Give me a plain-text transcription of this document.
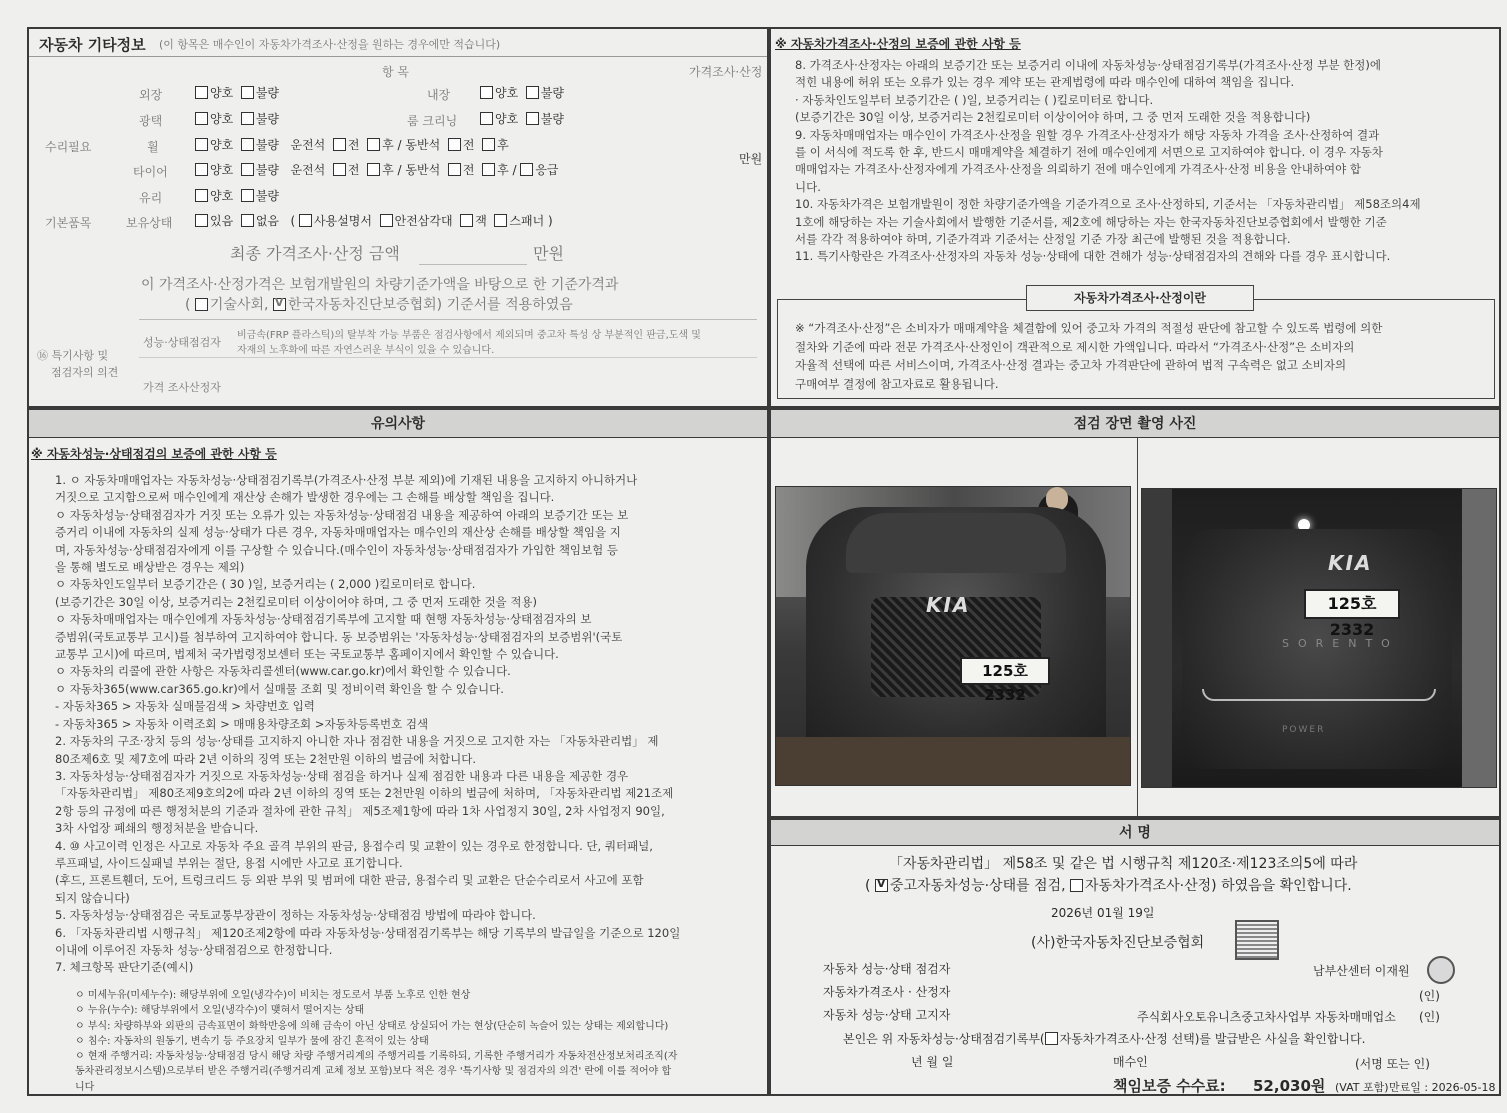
자동차 기타정보 (이 항목은 매수인이 자동차가격조사·산정을 원하는 경우에만 적습니다)
항 목	가격조사·산정
수리필요
기본품목
외장	양호 불량	내장	양호 불량
광택	양호 불량	룸 크리닝	양호 불량
휠	양호 불량 운전석 전 후 / 동반석 전 후
타이어	양호 불량 운전석 전 후 / 동반석 전 후 / 응급
만원
유리	양호 불량
보유상태	있음 없음   ( 사용설명서 안전삼각대 잭 스패너 )
최종 가격조사·산정 금액	만원
이 가격조사·산정가격은 보험개발원의 차량기준가액을 바탕으로 한 기준가격과
( 기술사회, V 한국자동차진단보증협회) 기준서를 적용하였음
⑯ 특기사항 및
점검자의 의견
성능·상태점검자
비금속(FRP 플라스틱)의 탈부착 가능 부품은 점검사항에서 제외되며 중고차 특성 상 부분적인 판금,도색 및
자재의 노후화에 따른 자연스러운 부식이 있을 수 있습니다.
가격 조사산정자
※ 자동차가격조사·산정의 보증에 관한 사항 등
8. 가격조사·산정자는 아래의 보증기간 또는 보증거리 이내에 자동차성능·상태점검기록부(가격조사·산정 부분 한정)에
적힌 내용에 허위 또는 오류가 있는 경우 계약 또는 관계법령에 따라 매수인에 대하여 책임을 집니다.
· 자동차인도일부터 보증기간은 ( )일, 보증거리는 ( )킬로미터로 합니다.
(보증기간은 30일 이상, 보증거리는 2천킬로미터 이상이어야 하며, 그 중 먼저 도래한 것을 적용합니다)
9. 자동차매매업자는 매수인이 가격조사·산정을 원할 경우 가격조사·산정자가 해당 자동차 가격을 조사·산정하여 결과
를 이 서식에 적도록 한 후, 반드시 매매계약을 체결하기 전에 매수인에게 서면으로 고지하여야 합니다. 이 경우 자동차
매매업자는 가격조사·산정자에게 가격조사·산정을 의뢰하기 전에 매수인에게 가격조사·산정 비용을 안내하여야 합
니다.
10. 자동차가격은 보험개발원이 정한 차량기준가액을 기준가격으로 조사·산정하되, 기준서는 「자동차관리법」 제58조의4제
1호에 해당하는 자는 기술사회에서 발행한 기준서를, 제2호에 해당하는 자는 한국자동차진단보증협회에서 발행한 기준
서를 각각 적용하여야 하며, 기준가격과 기준서는 산정일 기준 가장 최근에 발행된 것을 적용합니다.
11. 특기사항란은 가격조사·산정자의 자동차 성능·상태에 대한 견해가 성능·상태점검자의 견해와 다를 경우 표시합니다.
자동차가격조사·산정이란
※ “가격조사·산정”은 소비자가 매매계약을 체결함에 있어 중고차 가격의 적절성 판단에 참고할 수 있도록 법령에 의한
절차와 기준에 따라 전문 가격조사·산정인이 객관적으로 제시한 가액입니다. 따라서 “가격조사·산정”은 소비자의
자율적 선택에 따른 서비스이며, 가격조사·산정 결과는 중고차 가격판단에 관하여 법적 구속력은 없고 소비자의
구매여부 결정에 참고자료로 활용됩니다.
유의사항
※ 자동차성능·상태점검의 보증에 관한 사항 등
1. ㅇ 자동차매매업자는 자동차성능·상태점검기록부(가격조사·산정 부분 제외)에 기재된 내용을 고지하지 아니하거나
거짓으로 고지함으로써 매수인에게 재산상 손해가 발생한 경우에는 그 손해를 배상할 책임을 집니다.
ㅇ 자동차성능·상태점검자가 거짓 또는 오류가 있는 자동차성능·상태점검 내용을 제공하여 아래의 보증기간 또는 보
증거리 이내에 자동차의 실제 성능·상태가 다른 경우, 자동차매매업자는 매수인의 재산상 손해를 배상할 책임을 지
며, 자동차성능·상태점검자에게 이를 구상할 수 있습니다.(매수인이 자동차성능·상태점검자가 가입한 책임보험 등
을 통해 별도로 배상받은 경우는 제외)
ㅇ 자동차인도일부터 보증기간은 ( 30 )일, 보증거리는 ( 2,000 )킬로미터로 합니다.
(보증기간은 30일 이상, 보증거리는 2천킬로미터 이상이어야 하며, 그 중 먼저 도래한 것을 적용)
ㅇ 자동차매매업자는 매수인에게 자동차성능·상태점검기록부에 고지할 때 현행 자동차성능·상태점검자의 보
증범위(국토교통부 고시)를 첨부하여 고지하여야 합니다. 동 보증범위는 '자동차성능·상태점검자의 보증범위'(국토
교통부 고시)에 따르며, 법제처 국가법령정보센터 또는 국토교통부 홈페이지에서 확인할 수 있습니다.
ㅇ 자동차의 리콜에 관한 사항은 자동차리콜센터(www.car.go.kr)에서 확인할 수 있습니다.
ㅇ 자동차365(www.car365.go.kr)에서 실매물 조회 및 정비이력 확인을 할 수 있습니다.
- 자동차365 > 자동차 실매물검색 > 차량번호 입력
- 자동차365 > 자동차 이력조회 > 매매용차량조회 >자동차등록번호 검색
2. 자동차의 구조·장치 등의 성능·상태를 고지하지 아니한 자나 점검한 내용을 거짓으로 고지한 자는 「자동차관리법」 제
80조제6호 및 제7호에 따라 2년 이하의 징역 또는 2천만원 이하의 벌금에 처합니다.
3. 자동차성능·상태점검자가 거짓으로 자동차성능·상태 점검을 하거나 실제 점검한 내용과 다른 내용을 제공한 경우
「자동차관리법」 제80조제9호의2에 따라 2년 이하의 징역 또는 2천만원 이하의 벌금에 처하며, 「자동차관리법 제21조제
2항 등의 규정에 따른 행정처분의 기준과 절차에 관한 규칙」 제5조제1항에 따라 1차 사업정지 30일, 2차 사업정지 90일,
3차 사업장 폐쇄의 행정처분을 받습니다.
4. ⑩ 사고이력 인정은 사고로 자동차 주요 골격 부위의 판금, 용접수리 및 교환이 있는 경우로 한정합니다. 단, 쿼터패널,
루프패널, 사이드실패널 부위는 절단, 용접 시에만 사고로 표기합니다.
(후드, 프론트휀더, 도어, 트렁크리드 등 외판 부위 및 범퍼에 대한 판금, 용접수리 및 교환은 단순수리로서 사고에 포함
되지 않습니다)
5. 자동차성능·상태점검은 국토교통부장관이 정하는 자동차성능·상태점검 방법에 따라야 합니다.
6. 「자동차관리법 시행규칙」 제120조제2항에 따라 자동차성능·상태점검기록부는 해당 기록부의 발급일을 기준으로 120일
이내에 이루어진 자동차 성능·상태점검으로 한정합니다.
7. 체크항목 판단기준(예시)
ㅇ 미세누유(미세누수): 해당부위에 오일(냉각수)이 비치는 정도로서 부품 노후로 인한 현상
ㅇ 누유(누수): 해당부위에서 오일(냉각수)이 맺혀서 떨어지는 상태
ㅇ 부식: 차량하부와 외판의 금속표면이 화학반응에 의해 금속이 아닌 상태로 상실되어 가는 현상(단순히 녹슬어 있는 상태는 제외합니다)
ㅇ 침수: 자동차의 원동기, 변속기 등 주요장치 일부가 물에 잠긴 흔적이 있는 상태
ㅇ 현재 주행거리: 자동차성능·상태점검 당시 해당 차량 주행거리계의 주행거리를 기록하되, 기록한 주행거리가 자동차전산정보처리조직(자
동차관리정보시스템)으로부터 받은 주행거리(주행거리계 교체 정보 포함)보다 적은 경우 '특기사항 및 점검자의 의견' 란에 이를 적어야 합
니다
점검 장면 촬영 사진
KIA
125호 2332
KIA
125호 2332
SORENTO
POWER
서 명
「자동차관리법」 제58조 및 같은 법 시행규칙 제120조·제123조의5에 따라
( V중고자동차성능·상태를 점검, 자동차가격조사·산정) 하였음을 확인합니다.
2026년 01월 19일
(사)한국자동차진단보증협회
자동차 성능·상태 점검자	남부산센터 이재원
자동차가격조사 · 산정자	(인)
자동차 성능·상태 고지자	주식회사오토유니츠중고차사업부 자동차매매업소 (인)
본인은 위 자동차성능·상태점검기록부( 자동차가격조사·산정 선택)를 발급받은 사실을 확인합니다.
년 월 일	매수인	(서명 또는 인)
책임보증 수수료: 52,030원 (VAT 포함) 만료일 : 2026-05-18
